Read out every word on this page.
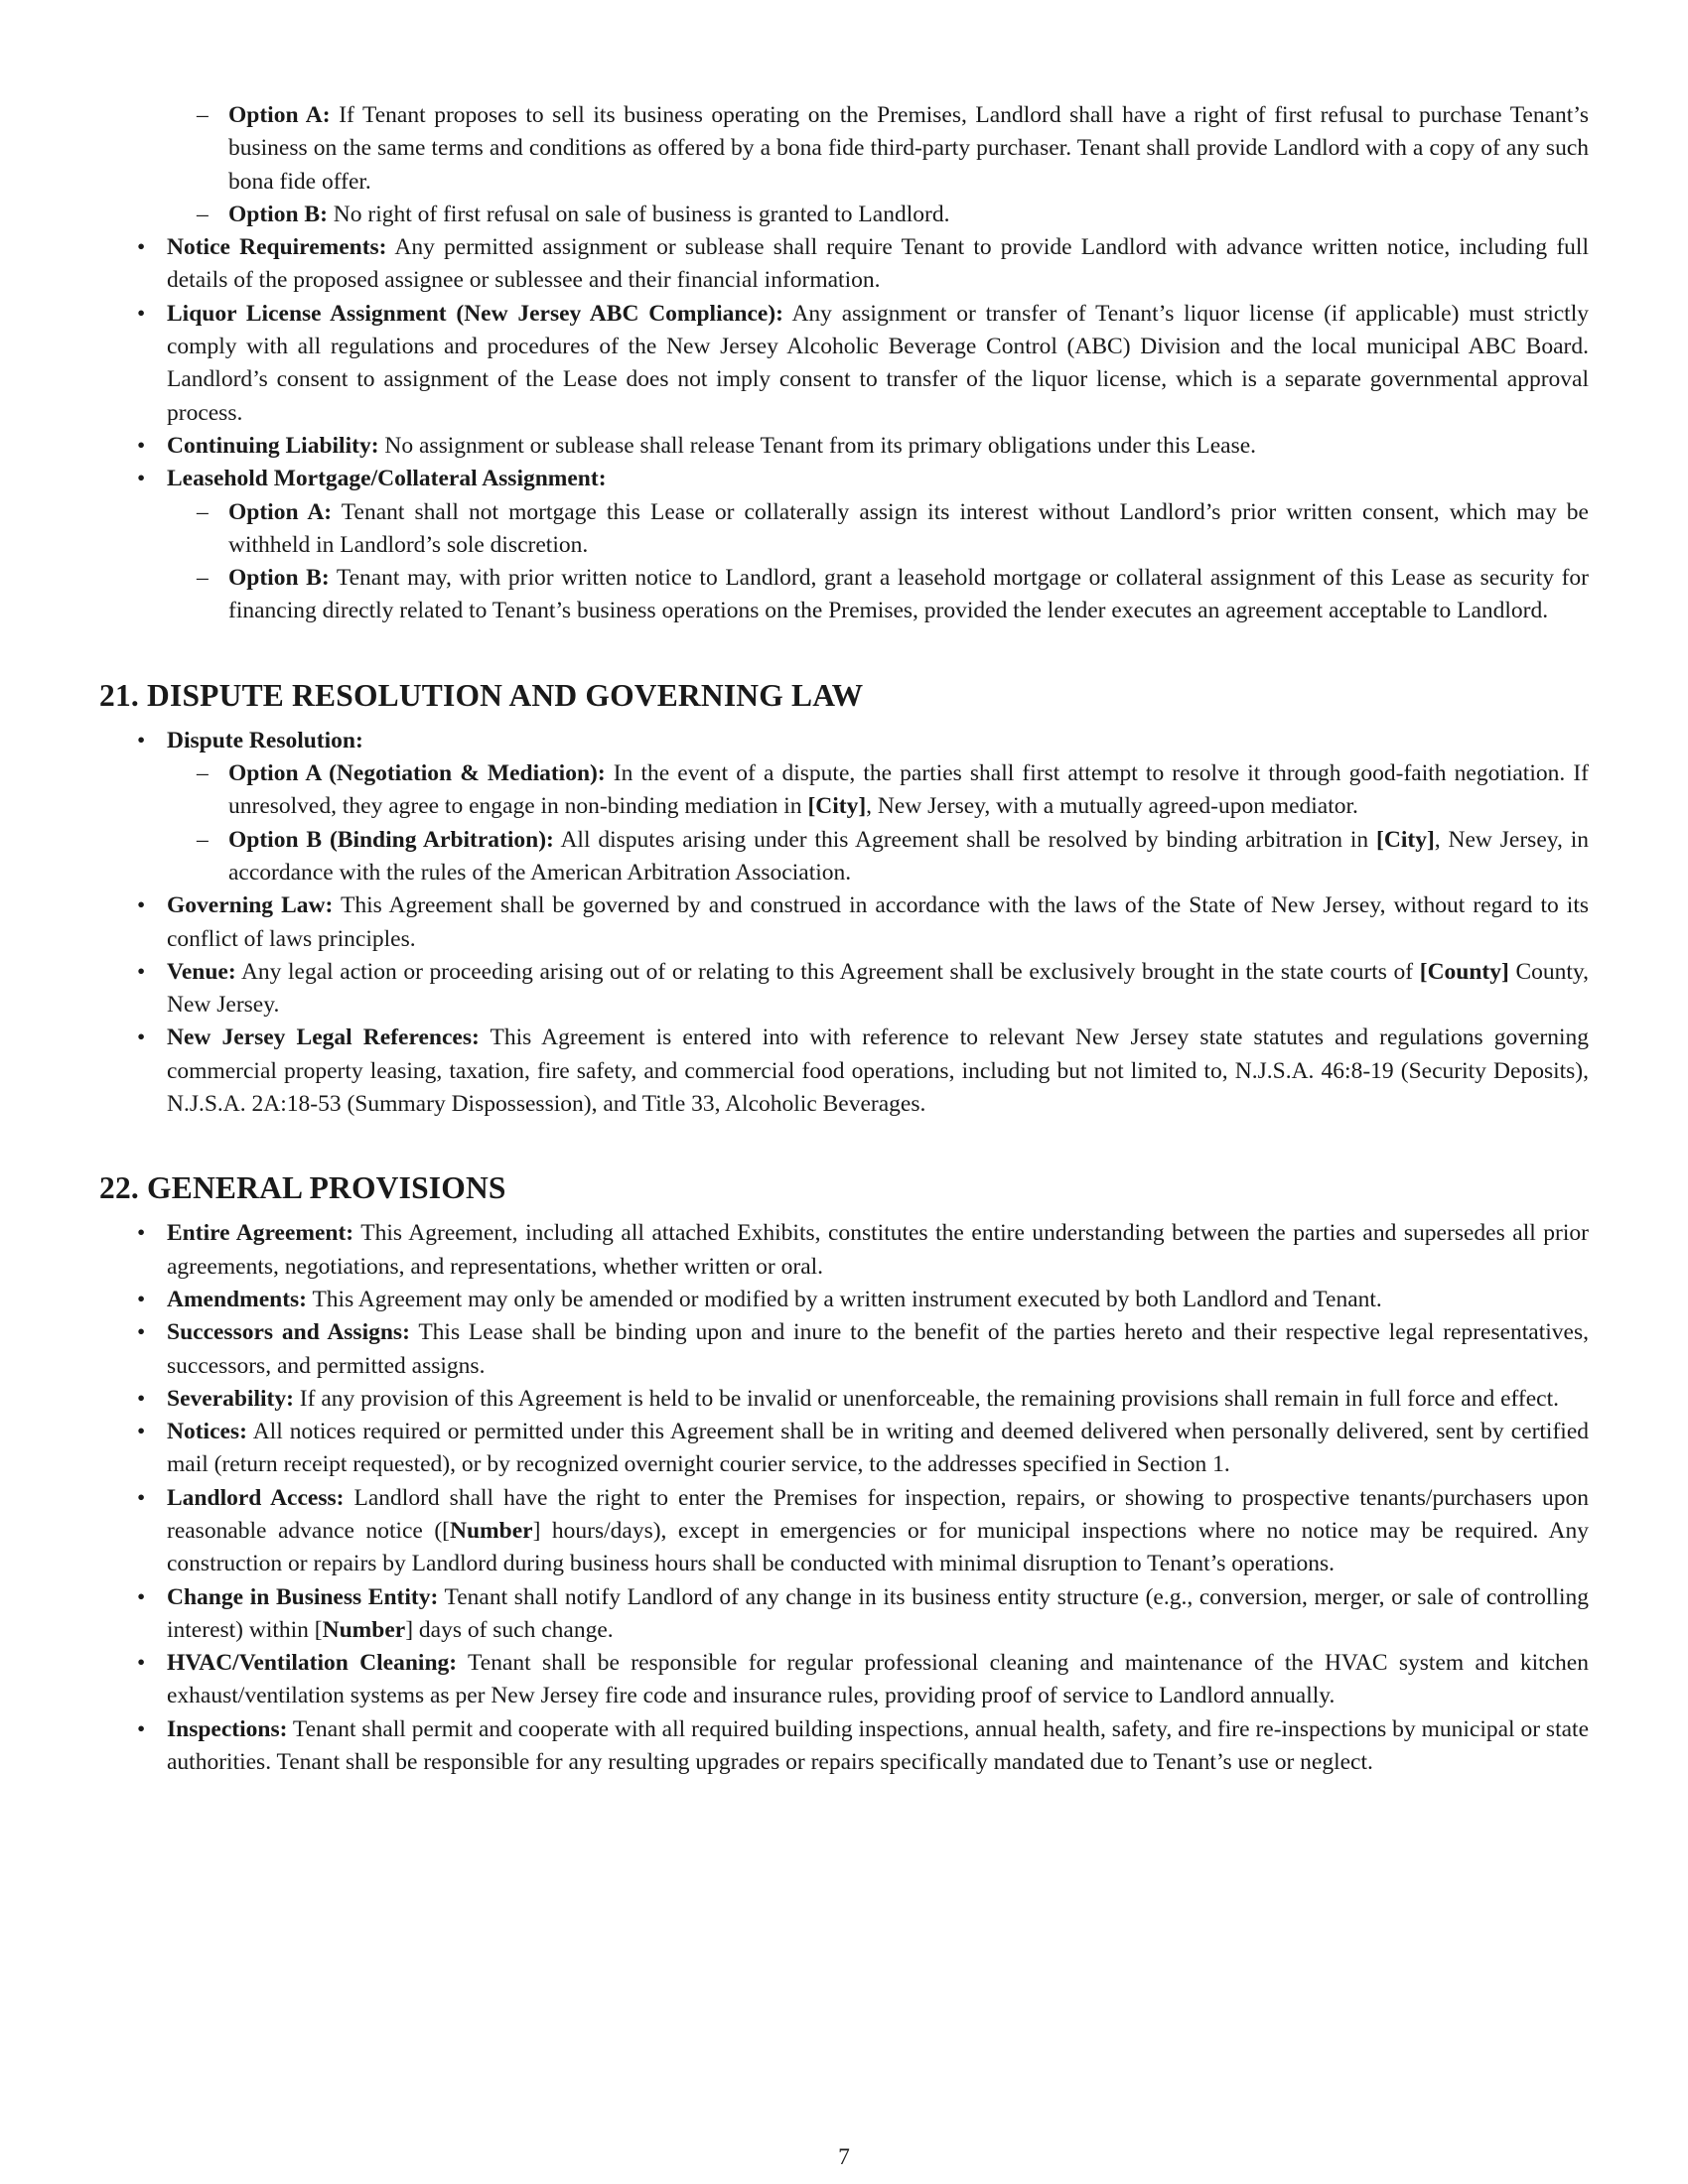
– Option A: If Tenant proposes to sell its business operating on the Premises, Landlord shall have a right of first refusal to purchase Tenant’s business on the same terms and conditions as offered by a bona fide third-party purchaser. Tenant shall provide Landlord with a copy of any such bona fide offer.
– Option B: No right of first refusal on sale of business is granted to Landlord.
• Notice Requirements: Any permitted assignment or sublease shall require Tenant to provide Landlord with advance written notice, including full details of the proposed assignee or sublessee and their financial information.
• Liquor License Assignment (New Jersey ABC Compliance): Any assignment or transfer of Tenant’s liquor license (if applicable) must strictly comply with all regulations and procedures of the New Jersey Alcoholic Beverage Control (ABC) Division and the local municipal ABC Board. Landlord’s consent to assignment of the Lease does not imply consent to transfer of the liquor license, which is a separate governmental approval process.
• Continuing Liability: No assignment or sublease shall release Tenant from its primary obligations under this Lease.
• Leasehold Mortgage/Collateral Assignment:
– Option A: Tenant shall not mortgage this Lease or collaterally assign its interest without Landlord’s prior written consent, which may be withheld in Landlord’s sole discretion.
– Option B: Tenant may, with prior written notice to Landlord, grant a leasehold mortgage or collateral assignment of this Lease as security for financing directly related to Tenant’s business operations on the Premises, provided the lender executes an agreement acceptable to Landlord.
21. DISPUTE RESOLUTION AND GOVERNING LAW
• Dispute Resolution:
– Option A (Negotiation & Mediation): In the event of a dispute, the parties shall first attempt to resolve it through good-faith negotiation. If unresolved, they agree to engage in non-binding mediation in [City], New Jersey, with a mutually agreed-upon mediator.
– Option B (Binding Arbitration): All disputes arising under this Agreement shall be resolved by binding arbitration in [City], New Jersey, in accordance with the rules of the American Arbitration Association.
• Governing Law: This Agreement shall be governed by and construed in accordance with the laws of the State of New Jersey, without regard to its conflict of laws principles.
• Venue: Any legal action or proceeding arising out of or relating to this Agreement shall be exclusively brought in the state courts of [County] County, New Jersey.
• New Jersey Legal References: This Agreement is entered into with reference to relevant New Jersey state statutes and regulations governing commercial property leasing, taxation, fire safety, and commercial food operations, including but not limited to, N.J.S.A. 46:8-19 (Security Deposits), N.J.S.A. 2A:18-53 (Summary Dispossession), and Title 33, Alcoholic Beverages.
22. GENERAL PROVISIONS
• Entire Agreement: This Agreement, including all attached Exhibits, constitutes the entire understanding between the parties and supersedes all prior agreements, negotiations, and representations, whether written or oral.
• Amendments: This Agreement may only be amended or modified by a written instrument executed by both Landlord and Tenant.
• Successors and Assigns: This Lease shall be binding upon and inure to the benefit of the parties hereto and their respective legal representatives, successors, and permitted assigns.
• Severability: If any provision of this Agreement is held to be invalid or unenforceable, the remaining provisions shall remain in full force and effect.
• Notices: All notices required or permitted under this Agreement shall be in writing and deemed delivered when personally delivered, sent by certified mail (return receipt requested), or by recognized overnight courier service, to the addresses specified in Section 1.
• Landlord Access: Landlord shall have the right to enter the Premises for inspection, repairs, or showing to prospective tenants/purchasers upon reasonable advance notice ([Number] hours/days), except in emergencies or for municipal inspections where no notice may be required. Any construction or repairs by Landlord during business hours shall be conducted with minimal disruption to Tenant’s operations.
• Change in Business Entity: Tenant shall notify Landlord of any change in its business entity structure (e.g., conversion, merger, or sale of controlling interest) within [Number] days of such change.
• HVAC/Ventilation Cleaning: Tenant shall be responsible for regular professional cleaning and maintenance of the HVAC system and kitchen exhaust/ventilation systems as per New Jersey fire code and insurance rules, providing proof of service to Landlord annually.
• Inspections: Tenant shall permit and cooperate with all required building inspections, annual health, safety, and fire re-inspections by municipal or state authorities. Tenant shall be responsible for any resulting upgrades or repairs specifically mandated due to Tenant’s use or neglect.
7
